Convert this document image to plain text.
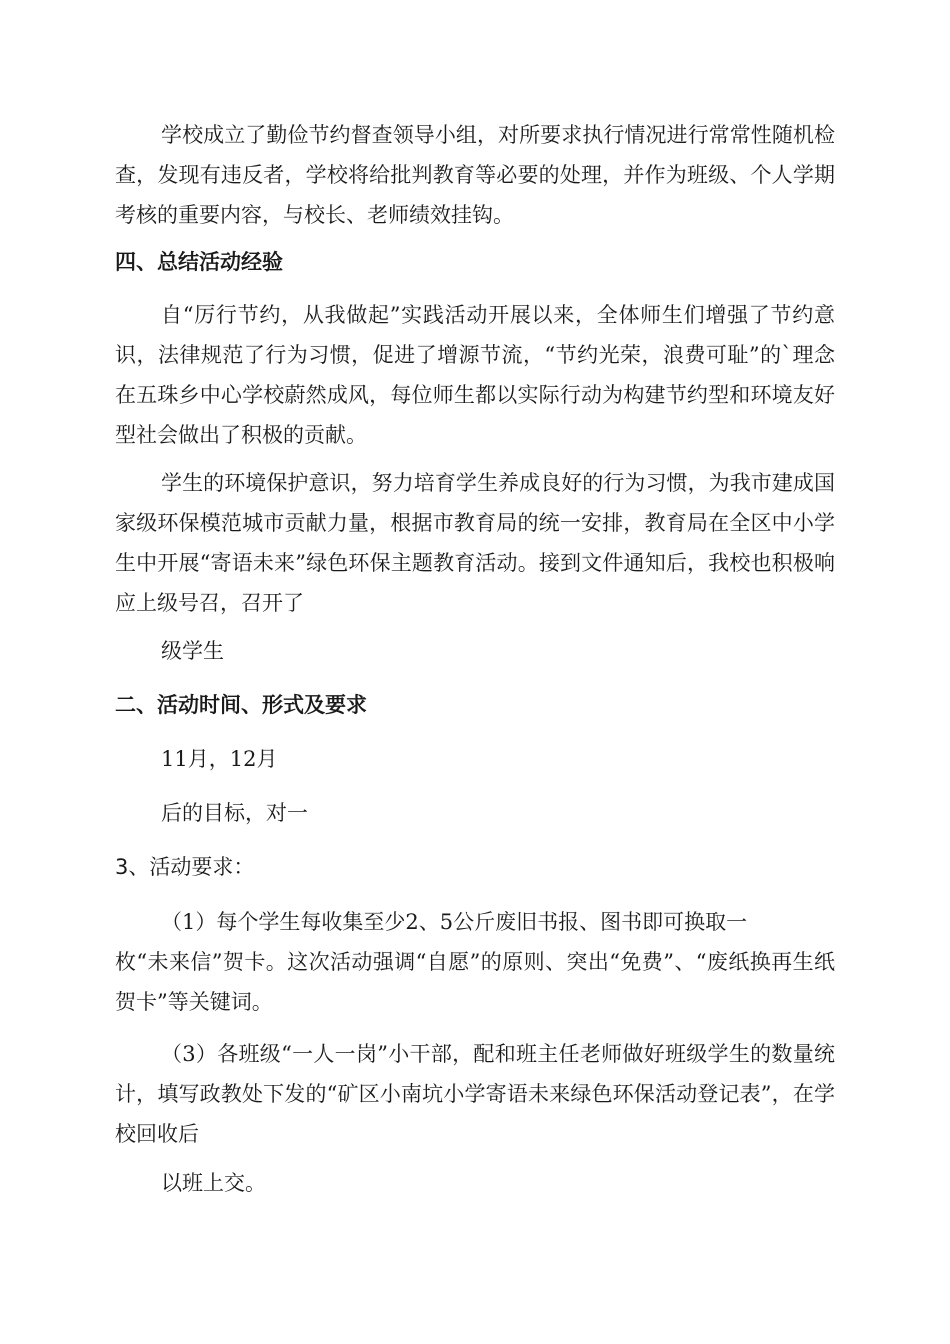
学校成立了勤俭节约督查领导小组，对所要求执行情况进行常常性随机检查，发现有违反者，学校将给批判教育等必要的处理，并作为班级、个人学期考核的重要内容，与校长、老师绩效挂钩。

四、总结活动经验

自“厉行节约，从我做起”实践活动开展以来，全体师生们增强了节约意识，法律规范了行为习惯，促进了增源节流，“节约光荣，浪费可耻”的`理念在五珠乡中心学校蔚然成风，每位师生都以实际行动为构建节约型和环境友好型社会做出了积极的贡献。

学生的环境保护意识，努力培育学生养成良好的行为习惯，为我市建成国家级环保模范城市贡献力量，根据市教育局的统一安排，教育局在全区中小学生中开展“寄语未来”绿色环保主题教育活动。接到文件通知后，我校也积极响应上级号召，召开了

级学生

二、活动时间、形式及要求

11月，12月

后的目标，对一

3、活动要求：

（1）每个学生每收集至少2、5公斤废旧书报、图书即可换取一

枚“未来信”贺卡。这次活动强调“自愿”的原则、突出“免费”、“废纸换再生纸贺卡”等关键词。

（3）各班级“一人一岗”小干部，配和班主任老师做好班级学生的数量统计，填写政教处下发的“矿区小南坑小学寄语未来绿色环保活动登记表”，在学校回收后

以班上交。
